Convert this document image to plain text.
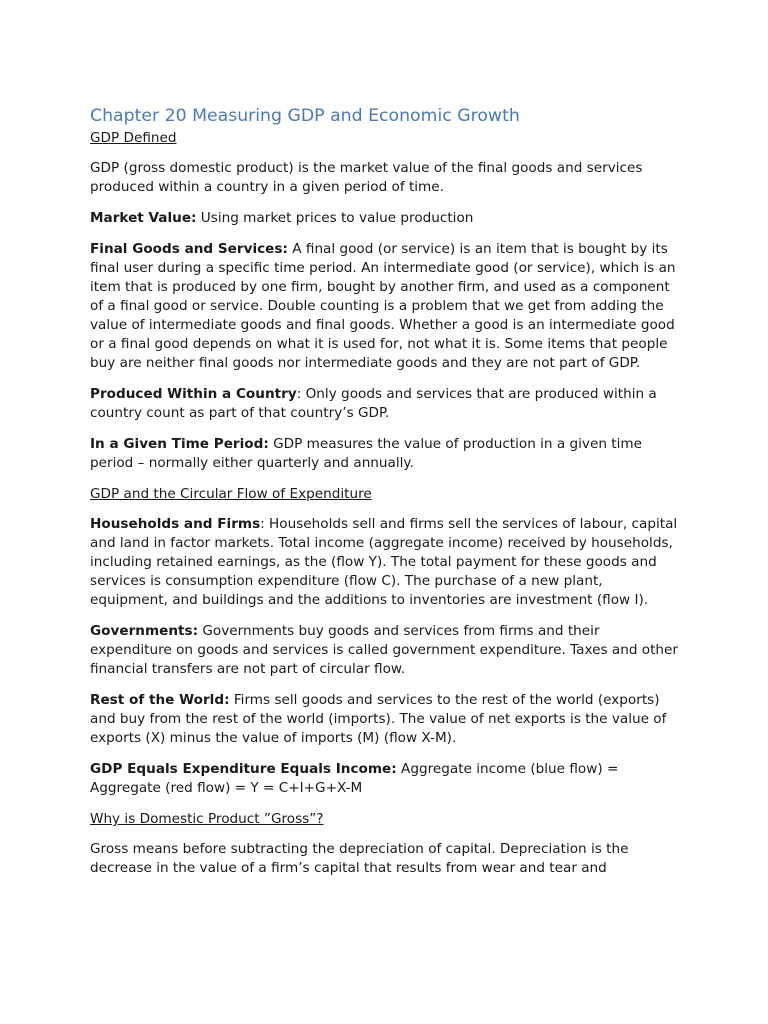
Chapter 20 Measuring GDP and Economic Growth
GDP Defined

GDP (gross domestic product) is the market value of the final goods and services produced within a country in a given period of time.

Market Value: Using market prices to value production

Final Goods and Services: A final good (or service) is an item that is bought by its final user during a specific time period. An intermediate good (or service), which is an item that is produced by one firm, bought by another firm, and used as a component of a final good or service. Double counting is a problem that we get from adding the value of intermediate goods and final goods. Whether a good is an intermediate good or a final good depends on what it is used for, not what it is. Some items that people buy are neither final goods nor intermediate goods and they are not part of GDP.

Produced Within a Country: Only goods and services that are produced within a country count as part of that country’s GDP.

In a Given Time Period: GDP measures the value of production in a given time period – normally either quarterly and annually.

GDP and the Circular Flow of Expenditure

Households and Firms: Households sell and firms sell the services of labour, capital and land in factor markets. Total income (aggregate income) received by households, including retained earnings, as the (flow Y). The total payment for these goods and services is consumption expenditure (flow C). The purchase of a new plant, equipment, and buildings and the additions to inventories are investment (flow I).

Governments: Governments buy goods and services from firms and their expenditure on goods and services is called government expenditure. Taxes and other financial transfers are not part of circular flow.

Rest of the World: Firms sell goods and services to the rest of the world (exports) and buy from the rest of the world (imports). The value of net exports is the value of exports (X) minus the value of imports (M) (flow X-M).

GDP Equals Expenditure Equals Income: Aggregate income (blue flow) = Aggregate (red flow) = Y = C+I+G+X-M

Why is Domestic Product ”Gross”?

Gross means before subtracting the depreciation of capital. Depreciation is the decrease in the value of a firm’s capital that results from wear and tear and
